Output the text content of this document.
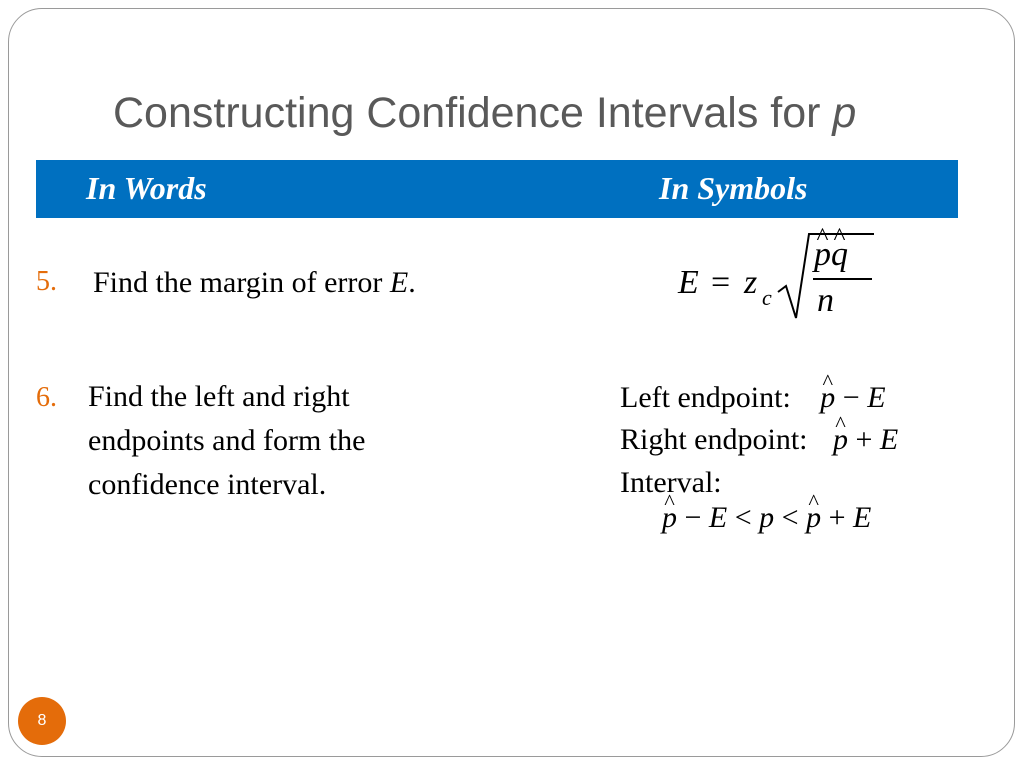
Constructing Confidence Intervals for p
In Words	In Symbols
5. Find the margin of error E.	E = z c
^ p^ q
n
6. Find the left and right
endpoints and form the
confidence interval.
Left endpoint: ^ p − E
Right endpoint: ^ p + E
Interval:
^ p − E < p < ^ p + E
8
